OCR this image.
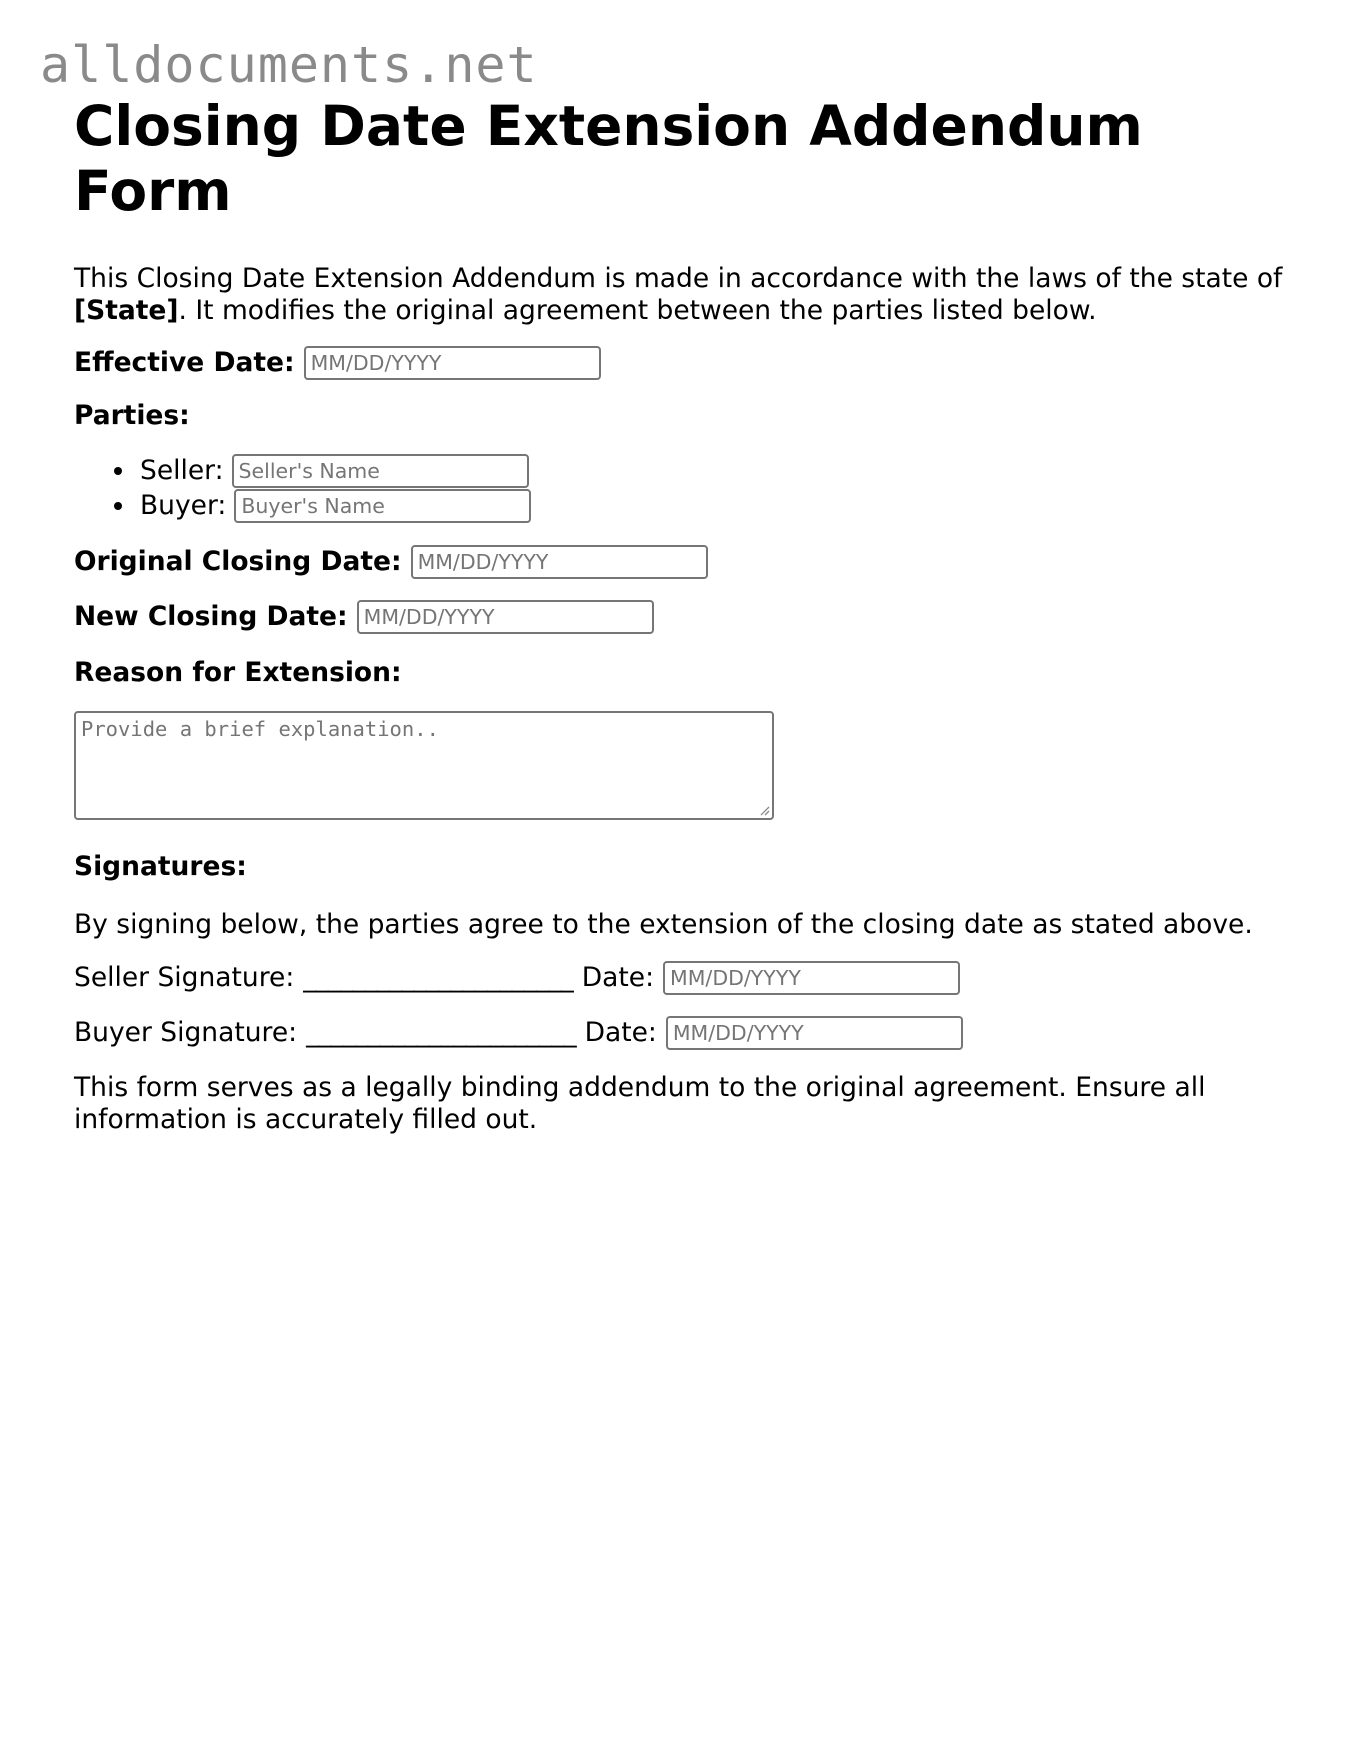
alldocuments.net
Closing Date Extension Addendum Form

This Closing Date Extension Addendum is made in accordance with the laws of the state of [State]. It modifies the original agreement between the parties listed below.

Effective Date: MM/DD/YYYY
Parties:
Seller: Seller's Name
Buyer: Buyer's Name
Original Closing Date: MM/DD/YYYY
New Closing Date: MM/DD/YYYY
Reason for Extension:
Provide a brief explanation..
Signatures:

By signing below, the parties agree to the extension of the closing date as stated above.

Seller Signature: ______________________ Date: MM/DD/YYYY
Buyer Signature: ______________________ Date: MM/DD/YYYY

This form serves as a legally binding addendum to the original agreement. Ensure all information is accurately filled out.
